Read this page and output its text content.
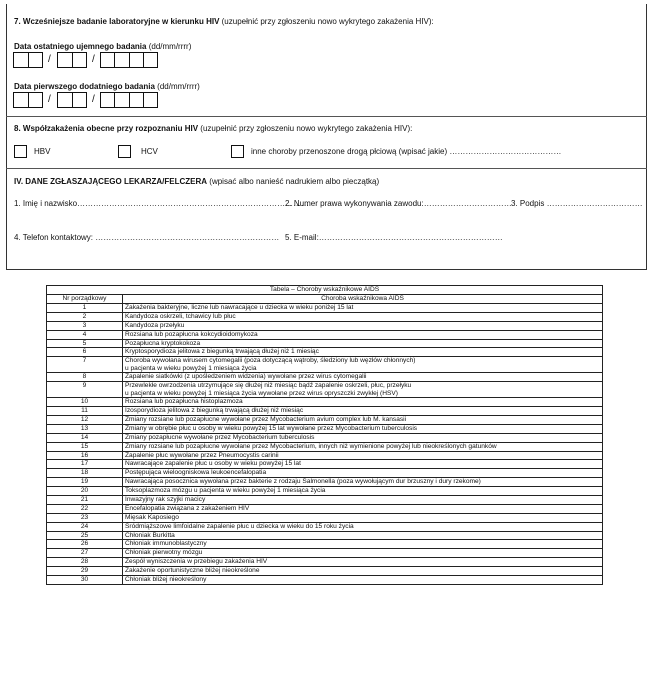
7. Wcześniejsze badanie laboratoryjne w kierunku HIV (uzupełnić przy zgłoszeniu nowo wykrytego zakażenia HIV):
Data ostatniego ujemnego badania (dd/mm/rrrr)
/	/
Data pierwszego dodatniego badania (dd/mm/rrrr)
/	/
8. Współzakażenia obecne przy rozpoznaniu HIV (uzupełnić przy zgłoszeniu nowo wykrytego zakażenia HIV):
HBV	HCV	inne choroby przenoszone drogą płciową (wpisać jakie) ……………………………………
IV. DANE ZGŁASZAJĄCEGO LEKARZA/FELCZERA (wpisać albo nanieść nadrukiem albo pieczątką)
1. Imię i nazwisko……………………………………………………………………………
2. Numer prawa wykonywania zawodu:…………………………… 3. Podpis ………………………………
4. Telefon kontaktowy: …………………………………………………………… 5. E-mail:……………………………………………………………
Tabela – Choroby wskaźnikowe AIDS	
Nr porządkowy	Choroba wskaźnikowa AIDS
1	Zakażenia bakteryjne, liczne lub nawracające u dziecka w wieku poniżej 15 lat

2	Kandydoza oskrzeli, tchawicy lub płuc

3	Kandydoza przełyku

4	Rozsiana lub pozapłucna kokcydioidomykoza

5	Pozapłucna kryptokokoza

6	Kryptosporydioza jelitowa z biegunką trwającą dłużej niż 1 miesiąc

7	Choroba wywołana wirusem cytomegalii (poza dotyczącą wątroby, śledziony lub węzłów chłonnych)
u pacjenta w wieku powyżej 1 miesiąca życia

8	Zapalenie siatkówki (z upośledzeniem widzenia) wywołane przez wirus cytomegalii

9	Przewlekłe owrzodzenia utrzymujące się dłużej niż miesiąc bądź zapalenie oskrzeli, płuc, przełyku
u pacjenta w wieku powyżej 1 miesiąca życia wywołane przez wirus opryszczki zwykłej (HSV)

10	Rozsiana lub pozapłucna histoplazmoza

11	Izosporydioza jelitowa z biegunką trwającą dłużej niż miesiąc

12	Zmiany rozsiane lub pozapłucne wywołane przez Mycobacterium avium complex lub M. kansasii

13	Zmiany w obrębie płuc u osoby w wieku powyżej 15 lat wywołane przez Mycobacterium tuberculosis

14	Zmiany pozapłucne wywołane przez Mycobacterium tuberculosis

15	Zmiany rozsiane lub pozapłucne wywołane przez Mycobacterium, innych niż wymienione powyżej lub nieokreślonych gatunków

16	Zapalenie płuc wywołane przez Pneumocystis carinii

17	Nawracające zapalenie płuc u osoby w wieku powyżej 15 lat

18	Postępująca wieloogniskowa leukoencefalopatia

19	Nawracająca posocznica wywołana przez bakterie z rodzaju Salmonella (poza wywołującym dur brzuszny i dury rzekome)

20	Toksoplazmoza mózgu u pacjenta w wieku powyżej 1 miesiąca życia

21	Inwazyjny rak szyjki macicy

22	Encefalopatia związana z zakażeniem HIV

23	Mięsak Kaposiego

24	Śródmiąższowe limfoidalne zapalenie płuc u dziecka w wieku do 15 roku życia

25	Chłoniak Burkitta

26	Chłoniak immunoblastyczny

27	Chłoniak pierwotny mózgu

28	Zespół wyniszczenia w przebiegu zakażenia HIV

29	Zakażenie oportunistyczne bliżej nieokreślone

30	Chłoniak bliżej nieokreślony
